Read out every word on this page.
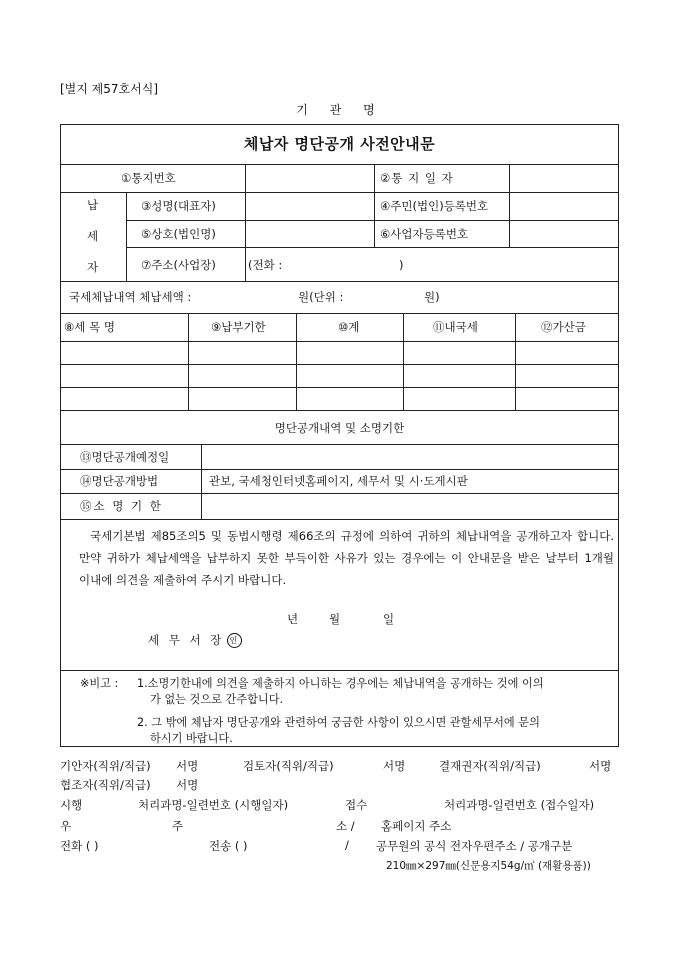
[별지 제57호서식]
기 관 명
체납자 명단공개 사전안내문
①통지번호	②통 지 일 자
납
세
자
③성명(대표자)	④주민(법인)등록번호
⑤상호(법인명)	⑥사업자등록번호
⑦주소(사업장)	(전화 :	)
국세체납내역 체납세액 :	원(단위 :	원)
⑧세 목 명	⑨납부기한	⑩계	⑪내국세	⑫가산금
명단공개내역 및 소명기한
⑬명단공개예정일
⑭명단공개방법	관보, 국세청인터넷홈페이지, 세무서 및 시·도게시판
⑮소 명 기 한
국세기본법 제85조의5 및 동법시행령 제66조의 규정에 의하여 귀하의 체납내역을 공개하고자 합니다. 만약 귀하가 체납세액을 납부하지 못한 부득이한 사유가 있는 경우에는 이 안내문을 받은 날부터 1개월 이내에 의견을 제출하여 주시기 바랍니다.
년	월	일
세 무 서 장 인
※비고 : 1.소명기한내에 의견을 제출하지 아니하는 경우에는 체납내역을 공개하는 것에 이의
가 없는 것으로 간주합니다.
2. 그 밖에 체납자 명단공개와 관련하여 궁금한 사항이 있으시면 관할세무서에 문의
하시기 바랍니다.
기안자(직위/직급) 서명	검토자(직위/직급)	서명	결재권자(직위/직급)	서명
협조자(직위/직급) 서명
시행	처리과명-일련번호 (시행일자)	접수	처리과명-일련번호 (접수일자)
우	주	소 / 홈페이지 주소
전화 ( )	전송 ( )	/ 공무원의 공식 전자우편주소 / 공개구분
210㎜×297㎜(신문용지54g/㎡ (재활용품))
